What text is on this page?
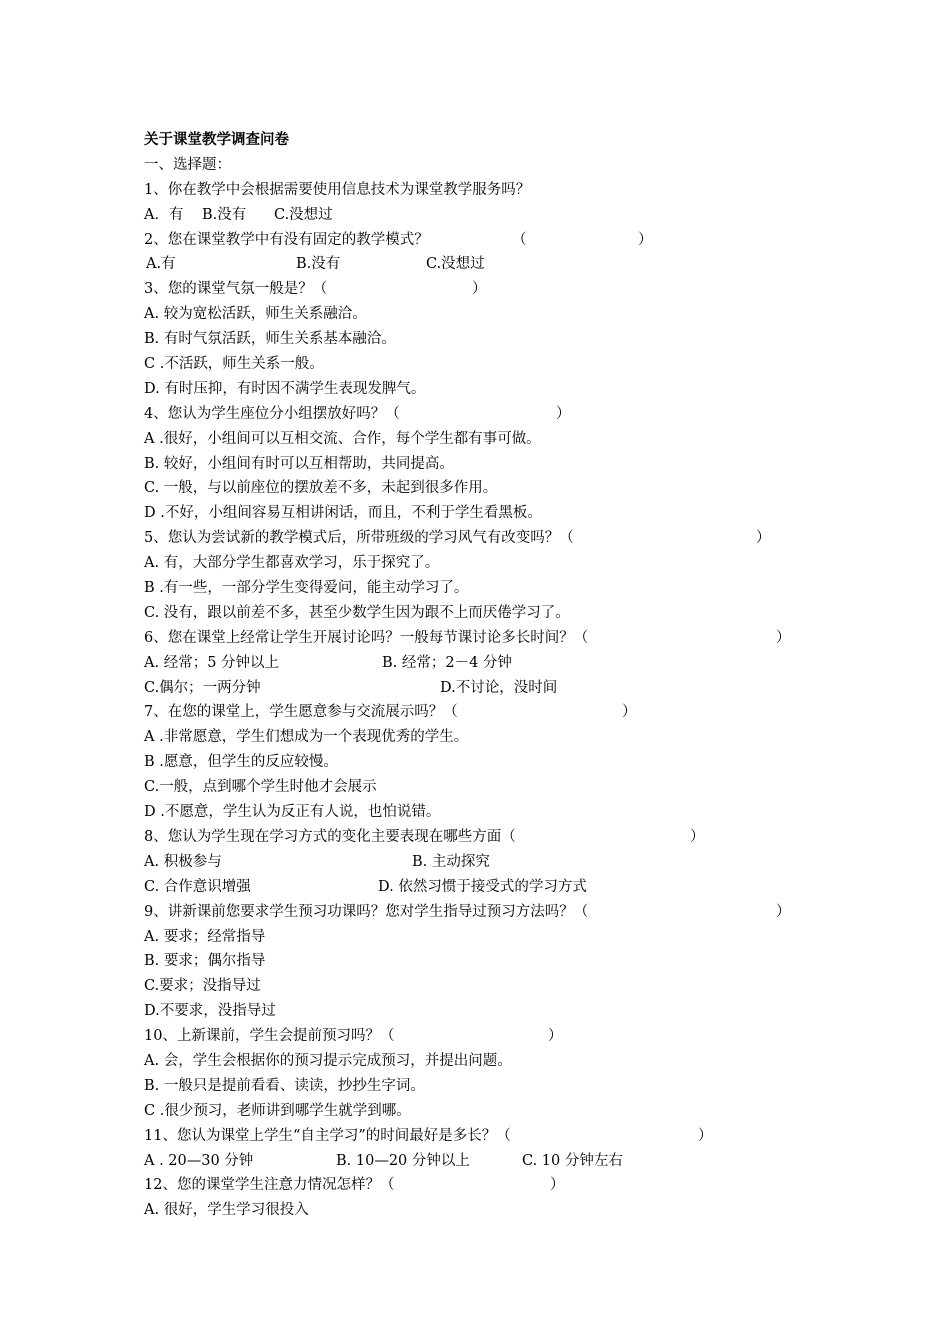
关于课堂教学调查问卷
一、选择题：
1、你在教学中会根据需要使用信息技术为课堂教学服务吗？
A．有 B.没有 C.没想过
2、您在课堂教学中有没有固定的教学模式？	（	）
A.有	B.没有	C.没想过
3、您的课堂气氛一般是？（	）
A. 较为宽松活跃，师生关系融洽。
B. 有时气氛活跃，师生关系基本融洽。
C .不活跃，师生关系一般。
D. 有时压抑，有时因不满学生表现发脾气。
4、您认为学生座位分小组摆放好吗？（	）
A .很好，小组间可以互相交流、合作，每个学生都有事可做。
B. 较好，小组间有时可以互相帮助，共同提高。
C. 一般，与以前座位的摆放差不多，未起到很多作用。
D .不好，小组间容易互相讲闲话，而且，不利于学生看黑板。
5、您认为尝试新的教学模式后，所带班级的学习风气有改变吗？（	）
A. 有，大部分学生都喜欢学习，乐于探究了。
B .有一些，一部分学生变得爱问，能主动学习了。
C. 没有，跟以前差不多，甚至少数学生因为跟不上而厌倦学习了。
6、您在课堂上经常让学生开展讨论吗？一般每节课讨论多长时间？（	）
A. 经常；5 分钟以上	B. 经常；2－4 分钟
C.偶尔；一两分钟	D.不讨论，没时间
7、在您的课堂上，学生愿意参与交流展示吗？（	）
A .非常愿意，学生们想成为一个表现优秀的学生。
B .愿意，但学生的反应较慢。
C.一般，点到哪个学生时他才会展示
D .不愿意，学生认为反正有人说，也怕说错。
8、您认为学生现在学习方式的变化主要表现在哪些方面（	）
A. 积极参与	B. 主动探究
C. 合作意识增强	D. 依然习惯于接受式的学习方式
9、讲新课前您要求学生预习功课吗？您对学生指导过预习方法吗？（	）
A. 要求；经常指导
B. 要求；偶尔指导
C.要求；没指导过
D.不要求，没指导过
10、上新课前，学生会提前预习吗？（	）
A. 会，学生会根据你的预习提示完成预习，并提出问题。
B. 一般只是提前看看、读读，抄抄生字词。
C .很少预习，老师讲到哪学生就学到哪。
11、您认为课堂上学生“自主学习”的时间最好是多长？（	）
A . 20—30 分钟	B. 10—20 分钟以上	C. 10 分钟左右
12、您的课堂学生注意力情况怎样？（	）
A. 很好，学生学习很投入
